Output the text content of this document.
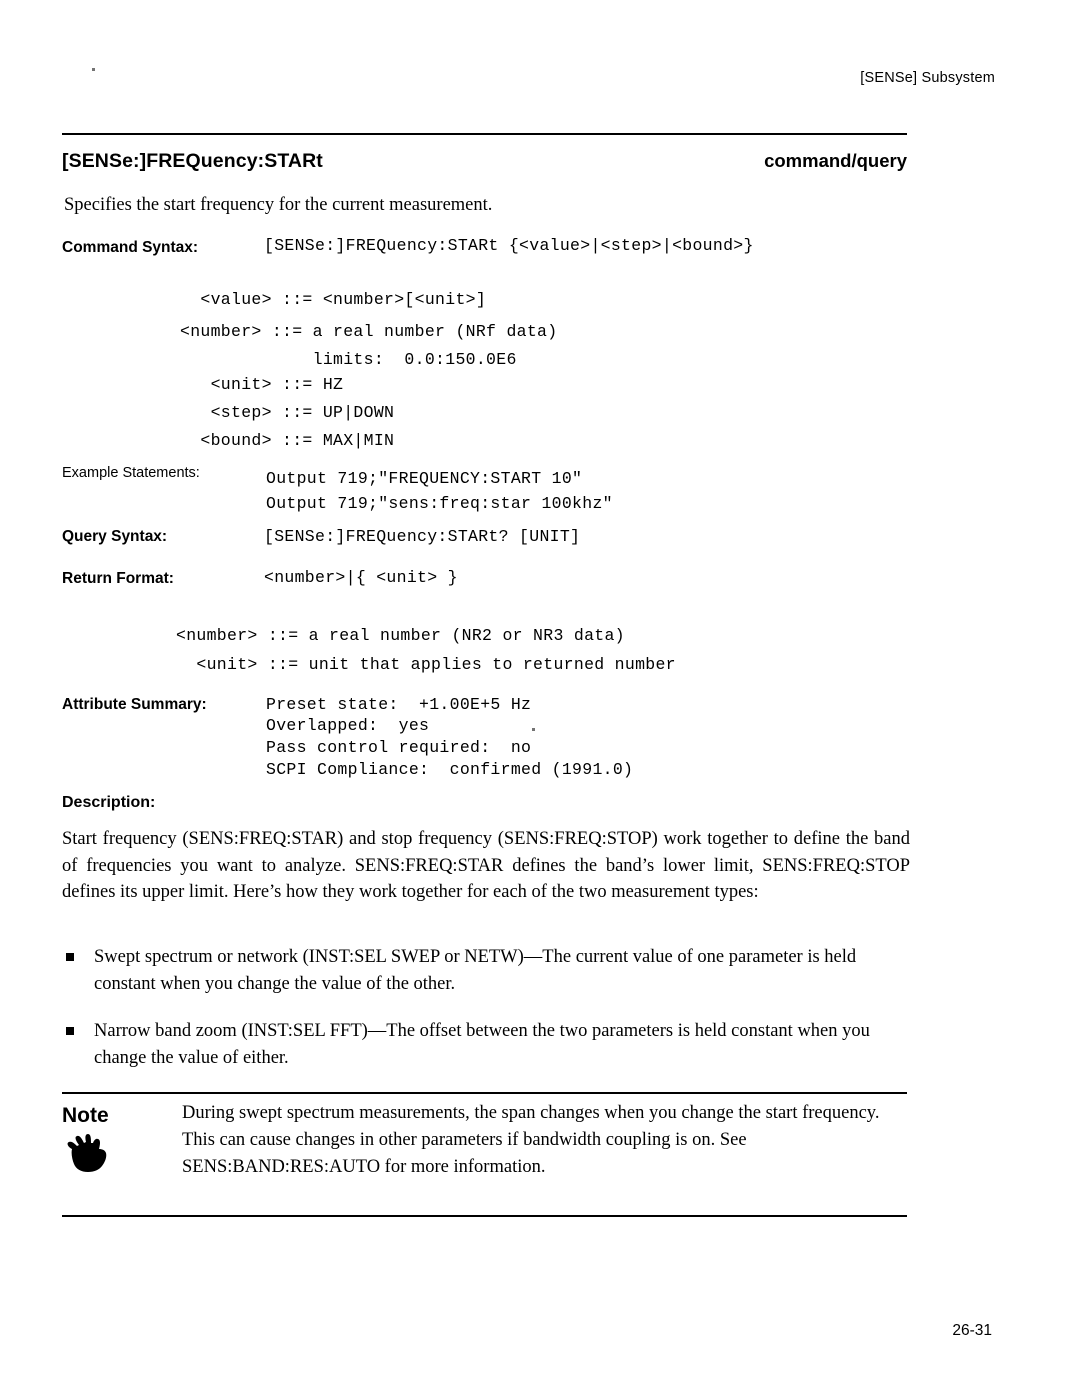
[SENSe] Subsystem
[SENSe:]FREQuency:STARt	command/query
Specifies the start frequency for the current measurement.
Command Syntax:	[SENSe:]FREQuency:STARt {<value>|<step>|<bound>}
<value> ::= <number>[<unit>]
<number> ::= a real number (NRf data)
limits:  0.0:150.0E6
<unit> ::= HZ
<step> ::= UP|DOWN
<bound> ::= MAX|MIN
Example Statements:	Output 719;"FREQUENCY:START 10"
Output 719;"sens:freq:star 100khz"
Query Syntax:	[SENSe:]FREQuency:STARt? [UNIT]
Return Format:	<number>|{ <unit> }
<number> ::= a real number (NR2 or NR3 data)
<unit> ::= unit that applies to returned number
Attribute Summary:	Preset state:  +1.00E+5 Hz
Overlapped:  yes
Pass control required:  no
SCPI Compliance:  confirmed (1991.0)
Description:
Start frequency (SENS:FREQ:STAR) and stop frequency (SENS:FREQ:STOP) work together to define the band of frequencies you want to analyze. SENS:FREQ:STAR defines the band’s lower limit, SENS:FREQ:STOP defines its upper limit. Here’s how they work together for each of the two measurement types:
Swept spectrum or network (INST:SEL SWEP or NETW)—The current value of one parameter is held constant when you change the value of the other.
Narrow band zoom (INST:SEL FFT)—The offset between the two parameters is held constant when you change the value of either.
Note	During swept spectrum measurements, the span changes when you change the start frequency. This can cause changes in other parameters if bandwidth coupling is on. See SENS:BAND:RES:AUTO for more information.
26-31
